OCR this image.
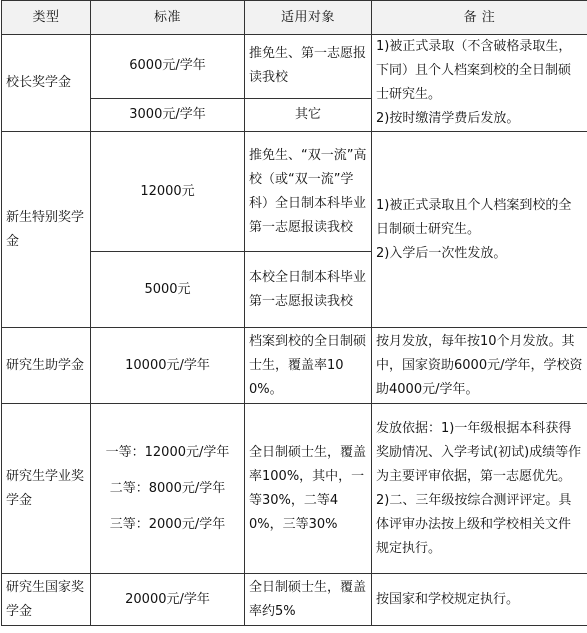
类型	标准	适用对象	备 注
校长奖学金	6000元/学年	推免生、第一志愿报读我校	1)被正式录取（不含破格录取生，下同）且个人档案到校的全日制硕士研究生。
2)按时缴清学费后发放。

	3000元/学年	其它	
新生特别奖学金	12000元	推免生、“双一流”高校（或“双一流”学科）全日制本科毕业第一志愿报读我校	1)被正式录取且个人档案到校的全日制硕士研究生。
2)入学后一次性发放。

	5000元	本校全日制本科毕业第一志愿报读我校	
研究生助学金	10000元/学年	档案到校的全日制硕士生，覆盖率100%。	按月发放，每年按10个月发放。其中，国家资助6000元/学年，学校资助4000元/学年。
研究生学业奖学金	一等：12000元/学年
二等：8000元/学年
三等：2000元/学年	全日制硕士生，覆盖率100%，其中，一等30%，二等40%，三等30%	发放依据：1)一年级根据本科获得奖励情况、入学考试(初试)成绩等作为主要评审依据，第一志愿优先。
2)二、三年级按综合测评评定。具体评审办法按上级和学校相关文件规定执行。

研究生国家奖学金	20000元/学年	全日制硕士生，覆盖率约5%	按国家和学校规定执行。
